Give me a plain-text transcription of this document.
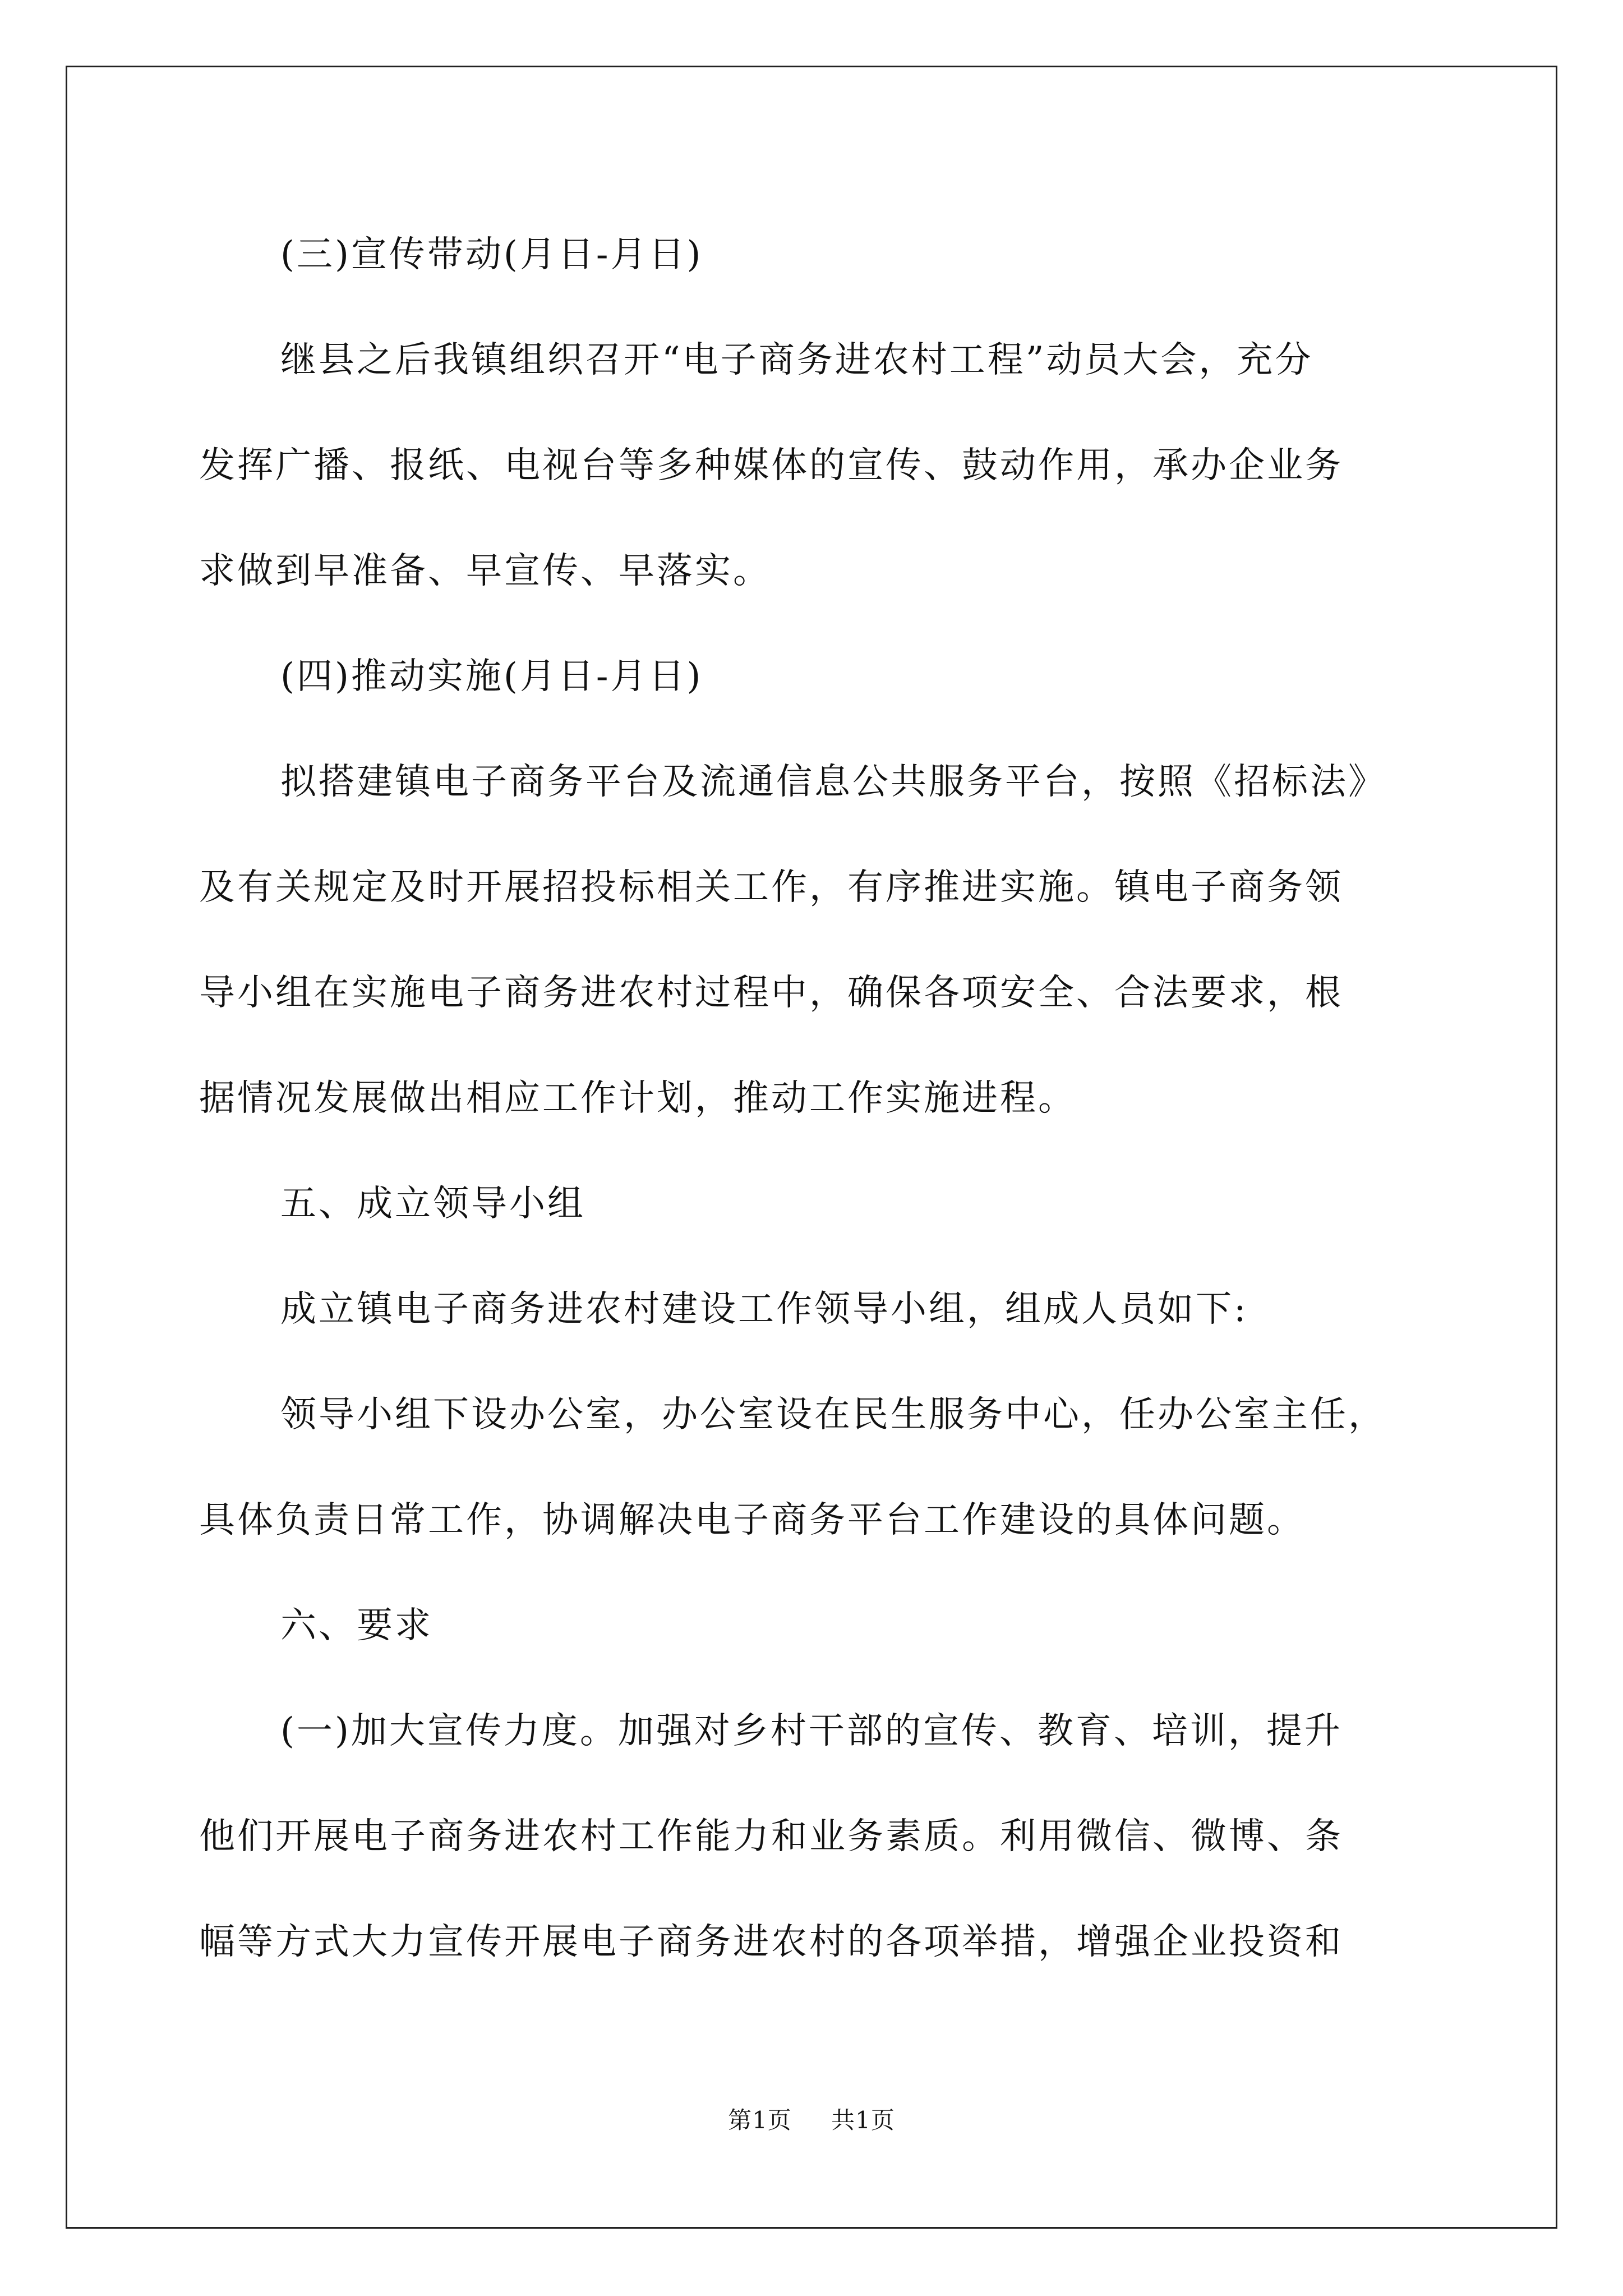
(三)宣传带动(月日-月日)
继县之后我镇组织召开“电子商务进农村工程”动员大会，充分
发挥广播、报纸、电视台等多种媒体的宣传、鼓动作用，承办企业务
求做到早准备、早宣传、早落实。
(四)推动实施(月日-月日)
拟搭建镇电子商务平台及流通信息公共服务平台，按照《招标法》
及有关规定及时开展招投标相关工作，有序推进实施。镇电子商务领
导小组在实施电子商务进农村过程中，确保各项安全、合法要求，根
据情况发展做出相应工作计划，推动工作实施进程。
五、成立领导小组
成立镇电子商务进农村建设工作领导小组，组成人员如下:
领导小组下设办公室，办公室设在民生服务中心，任办公室主任，
具体负责日常工作，协调解决电子商务平台工作建设的具体问题。
六、要求
(一)加大宣传力度。加强对乡村干部的宣传、教育、培训，提升
他们开展电子商务进农村工作能力和业务素质。利用微信、微博、条
幅等方式大力宣传开展电子商务进农村的各项举措，增强企业投资和
第1页 共1页
